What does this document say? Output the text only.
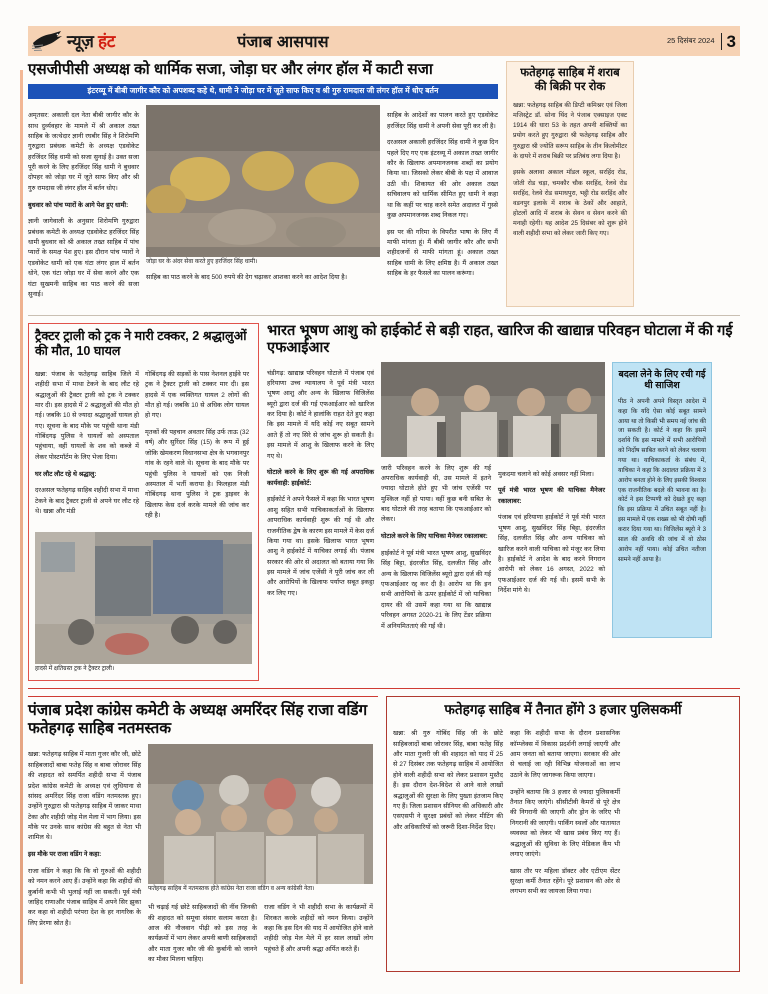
न्यूज़ हंट	पंजाब आसपास	25 दिसंबर 2024 3
एसजीपीसी अध्यक्ष को धार्मिक सजा, जोड़ा घर और लंगर हॉल में काटी सजा
इंटरव्यू में बीबी जागीर कौर को अपशब्द कहे थे, धामी ने जोड़ा घर में जूते साफ किए व श्री गुरु रामदास जी लंगर हॉल में धोए बर्तन

अमृतसर: अकाली दल नेता बीबी जागीर कौर के साथ दुर्व्यवहार के मामले में श्री अकाल तख्त साहिब के जत्थेदार ज्ञानी रघबीर सिंह ने शिरोमणि गुरुद्वारा प्रबंधक कमेटी के अध्यक्ष एडवोकेट हरजिंदर सिंह धामी को सजा सुनाई है। उक्त सजा पूरी करने के लिए हरजिंदर सिंह धामी ने बुधवार दोपहर को जोड़ा घर में जूते साफ किए और श्री गुरु रामदास जी लंगर हॉल में बर्तन धोए।

बुधवार को पांच प्यारों के आगे पेश हुए धामी:

ज्ञानी जागेवाली के अनुसार शिरोमणि गुरुद्वारा प्रबंधक कमेटी के अध्यक्ष एडवोकेट हरजिंदर सिंह धामी बुधवार को श्री अकाल तख्त साहिब में पांच प्यारों के समक्ष पेश हुए। इस दौरान पांच प्यारों ने एडवोकेट धामी को एक घंटा लंगर हाल में बर्तन धोने, एक घंटा जोड़ा घर में सेवा करने और एक घंटा सुखमनी साहिब का पाठ करने की सजा सुनाई।

जोड़ा घर के अंदर सेवा करते हुए हरजिंदर सिंह धामी।

साहिब का पाठ करने के बाद 500 रुपये की देग चढ़ाकर आशका करने का आदेश दिया है।

साहिब के आदेशों का पालन करते हुए एडवोकेट हरजिंदर सिंह धामी ने अपनी सेवा पूरी कर ली है।

दरअसल अकाली हरजिंदर सिंह धामी ने कुछ दिन पहले दिए गए एक इंटरव्यू में अकाल तख्त जागीर कौर के खिलाफ अपमानजनक शब्दों का प्रयोग किया था। जिसको लेकर बीबी के पक्ष में आवाज उठी थी। शिकायत की ओर अकाल तख्त सचिवालय को धार्मिक सीमित हुए धामी ने कहा था कि कहीं पर चाह करने समेत अदालत में गुस्से कुछ अपमानजनक शब्द निकल गए।

इस पर की गरिमा के विपरीत भाषा के लिए मैं माफी मांगता हूं। मैं बीबी जागीर कौर और सभी शहीदजनों से माफी मांगता हूं। अकाल तख्त साहिब धामी के लिए क्षमिष्ठ है। मैं अकाल तख्त साहिब के हर फैसले का पालन करूंगा।

फतेहगढ़ साहिब में शराब की बिक्री पर रोक

खन्ना: फतेहगढ़ साहिब की डिप्टी कमिश्नर एवं जिला मजिस्ट्रेट डॉ. सोना थिंद ने पंजाब एक्साइज एक्ट 1914 की धारा 53 के तहत अपनी शक्तियों का प्रयोग करते हुए गुरुद्वारा श्री फतेहगढ़ साहिब और गुरुद्वारा श्री ज्योति सरूप साहिब के तीन किलोमीटर के दायरे में शराब बिक्री पर प्रतिबंध लगा दिया है।

इसके अलावा अकाल मॉडल स्कूल, सरहिंद रोड, जोती रोड चड़ा, चमकौर चौक सरहिंद, रेलवे रोड सरहिंद, रेलवे रोड समाधपुरा, भट्ठी रोड सरहिंद और वडनपुर इलाके में शराब के ठेकों और आहाते, होटलों आदि में शराब के सेवन व सेवन करने की मनाही रहेगी। यह आदेश 25 दिसंबर को शुरू होने वाली शहीदी सभा को लेकर जारी किए गए।

ट्रैक्टर ट्राली को ट्रक ने मारी टक्कर, 2 श्रद्धालुओं की मौत, 10 घायल

खन्ना: पंजाब के फतेहगढ़ साहिब जिले में शहीदी सभा में माथा टेकने के बाद लौट रहे श्रद्धालुओं की ट्रैक्टर ट्राली को ट्रक ने टक्कर मार दी। इस हादसे में 2 श्रद्धालुओं की मौत हो गई। जबकि 10 से ज्यादा श्रद्धालुओं घायल हो गए। सूचना के बाद मौके पर पहुंची थाना मंडी गोबिंदगढ़ पुलिस ने घायलों को अस्पताल पहुंचाया, वहीं घायलों के शव को कब्जे में लेकर पोस्टमॉर्टम के लिए भेजा दिया।

घर लौट लौट रहे थे श्रद्धालु:

दरअसल फतेहगढ़ साहिब शहीदी सभा में माथा टेकने के बाद ट्रैक्टर ट्राली से अपने घर लौट रहे थे। खन्ना और मंडी

गोबिंदगढ़ की सड़कों के पास नेशनल हाईवे पर ट्रक ने ट्रैक्टर ट्राली को टक्कर मार दी। इस हादसे में एक व्यक्तिगत घायल 2 लोगों की मौत हो गई। जबकि 10 से अधिक लोग घायल हो गए।

मृतकों की पहचान अवतार सिंह उर्फ ताऊ (32 वर्ष) और सुरिंदर सिंह (15) के रूप में हुई जोकि खेमकरण विधानसभा क्षेत्र के भगवानपुर गांव के रहने वाले थे। सूचना के बाद मौके पर पहुंची पुलिस ने घायलों को एक निजी अस्पताल में भर्ती कराया है। फिलहाल मंडी गोबिंदगढ़ थाना पुलिस ने ट्रक ड्राइवर के खिलाफ केस दर्ज करके मामले की जांच कर रही है।

हादसे में क्षतिग्रस्त ट्रक ने ट्रैक्टर ट्राली।
भारत भूषण आशु को हाईकोर्ट से बड़ी राहत, खारिज की खाद्यान्न परिवहन घोटाला में की गई एफआईआर

चंडीगढ़: खाद्यान्न परिवहन घोटाले में पंजाब एवं हरियाणा उच्च न्यायालय ने पूर्व मंत्री भारत भूषण आशु और अन्य के खिलाफ विजिलेंस ब्यूरो द्वारा दर्ज की गई एफआईआर को खारिज कर दिया है। कोर्ट ने हालांकि राहत देते हुए कहा कि इस मामले में यदि कोई नए सबूत सामने आते हैं तो नए सिरे से जांच शुरू हो सकती है। इस मामले में आशु के खिलाफ करने के लिए गए थे।

घोटाले करने के लिए शुरू की गई अपराधिक कार्यवाही: हाईकोर्ट:

हाईकोर्ट ने अपने फैसले में कहा कि भारत भूषण आशु सहित सभी याचिकाकर्ताओं के खिलाफ आपराधिक कार्यवाही शुरू की गई थी और राजनीतिक द्वेष के कारण इस मामले में केस दर्ज किया गया था। इसके खिलाफ भारत भूषण आशु ने हाईकोर्ट में याचिका लगाई थी। पंजाब सरकार की ओर से अदालत को बताया गया कि इस मामले में जांच एजेंसी ने पूरी जांच कर ली और आरोपियों के खिलाफ पर्याप्त सबूत इकट्ठा कर लिए गए।

जारी परिवहन करने के लिए शुरू की गई अपराधिक कार्यवाही थी, उस मामले में इतने ज्यादा घोटाले होते हुए भी जांच एजेंसी पर मुश्किल नहीं हो पाया। वहीं कुछ बनी सबित के बाद घोटाले की तरह बताया कि एफआईआर को लेकर।

घोटाले करने के लिए याचिका मैनेजर रकालाबर:

हाईकोर्ट ने पूर्व मंत्री भारत भूषण आशु, सुखविंदर सिंह बिट्टा, इंदरजीत सिंह, दलजीत सिंह और अन्य के खिलाफ विजिलेंस ब्यूरो द्वारा दर्ज की गई एफआईआर रद्द कर दी है। आरोप था कि इन सभी आरोपियों के ऊपर हाईकोर्ट में जो याचिका दायर की थी उसमें कहा गया था कि खाद्यान्न परिवहन अगस्त 2020-21 के लिए टेंडर प्रक्रिया में अनियमितताएं की गईं थी।

मुकदमा चलाने को कोई अवसर नहीं मिला।

पूर्व मंत्री भारत भूषण की याचिका मैनेजर रकालाबर:

पंजाब एवं हरियाणा हाईकोर्ट ने पूर्व मंत्री भारत भूषण आशु, सुखविंदर सिंह बिट्टा, इंदरजीत सिंह, दलजीत सिंह और अन्य याचिका को खारिज करने वाली याचिका को मंजूर कर लिया है। हाईकोर्ट ने आदेश के बाद करने निगरान आरोपी को लेकर 16 अगस्त, 2022 को एफआईआर दर्ज की गई थी। इसमें सभी के निर्देश मांगे थे।

बदला लेने के लिए रची गई थी साजिश

पीठ ने अपनी अपने विस्तृत आदेश में कहा कि यदि ऐसा कोई सबूत सामने आया था तो किसी भी समय नई जांच की जा सकती है। कोर्ट ने कहा कि इसमें दर्शाये कि इस मामले में सभी आरोपियों को निर्दोष साबित करने को लेकर चलाया गया था। याचिकाकर्ता के संबंध में, याचिका ने कहा कि अदालत प्रक्रिया में 3 आरोप बनता होने के लिए इसकी विश्वास एक राजनीतिक बदले की भावना का है। कोर्ट ने इस टिप्पणी को देखते हुए कहा कि इस प्रक्रिया में उचित सबूत नहीं है। इस मामले में एक शख्स को भी दोषी नहीं करार दिया गया था। विजिलेंस ब्यूरो ने 3 साल की अवधि की जांच में वो ठोस आरोप नहीं पाया। कोई उचित नतीजा सामने नहीं आया है।

पंजाब प्रदेश कांग्रेस कमेटी के अध्यक्ष अमरिंदर सिंह राजा वडिंग फतेहगढ़ साहिब नतमस्तक

खन्ना: फतेहगढ़ साहिब में माता गुजर कौर जी, छोटे साहिबजादों बाबा फतेह सिंह व बाबा जोरावर सिंह की शहादत को समर्पित शहीदी सभा में पंजाब प्रदेश कांग्रेस कमेटी के अध्यक्ष एवं लुधियाना से सांसद अमरिंदर सिंह राजा वडिंग नतमस्तक हुए। उन्होंने गुरुद्वारा श्री फतेहगढ़ साहिब में जाकर माथा टेका और शहीदी जोड़ मेल मेला में भाग लिया। इस मौके पर उनके साथ कांग्रेस की बहुत से नेता भी शामिल थे।

इस मौके पर राजा वडिंग ने कहा:

राजा वडिंग ने कहा कि कि वो गुरुओं की शहीदी को नमन करने आए हैं। उन्होंने कहा कि शहीदों की कुर्बानी कभी भी भुलाई नहीं जा सकती। पूर्व मंत्री जाहिद राणाऔर पंजाब साहिब में अपने सिर झुका कर कहा वो शहीदी परंपरा देश के हर नागरिक के लिए प्रेरणा स्रोत है।

फतेहगढ़ साहिब में नतमस्तक होते कांग्रेस नेता राजा वडिंग व अन्य कांग्रेसी नेता।

भी चढ़ाई गई छोटे साहिबजादों की नींव जिनकी की शहादत को समूचा संसार सलाम करता है। आज की नौजवान पीढ़ी को इस तरह के कार्यक्रमों में भाग लेकर अपनी बाणी साहिबजादों और माता गुजर कौर जी की कुर्बानी को जानने का मौका मिलना चाहिए।

राजा वडिंग ने भी शहीदी सभा के कार्यक्रमों में शिरकत करके शहीदों को नमन किया। उन्होंने कहा कि इस दिन की याद में आयोजित होने वाले शहीदी जोड़ मेल मेले में हर साल लाखों लोग पहुंचते हैं और अपनी श्रद्धा अर्पित करते हैं।

फतेहगढ़ साहिब में तैनात होंगे 3 हजार पुलिसकर्मी

खन्ना: श्री गुरु गोबिंद सिंह जी के छोटे साहिबजादों बाबा जोरावर सिंह, बाबा फतेह सिंह और माता गुजरी जी की शहादत को याद में 25 से 27 दिसंबर तक फतेहगढ़ साहिब में आयोजित होने वाली शहीदी सभा को लेकर प्रशासन मुस्तैद हैं। इस दौरान देश-विदेश से आने वाले लाखों श्रद्धालुओं की सुरक्षा के लिए पुख्ता इंतजाम किए गए हैं। जिला प्रशासन सीनियर की अधिकारी और एसएसपी ने सुरक्षा प्रबंधों को लेकर मीटिंग की और अधिकारियों को जरूरी दिशा-निर्देश दिए।

कहा कि शहीदी सभा के दौरान प्रशासनिक कॉम्प्लेक्स में विकास प्रदर्शनी लगाई जाएगी और आम जनता को बताया जाएगा। सरकार की ओर से चलाई जा रही विभिन्न योजनाओं का लाभ उठाने के लिए जागरूक किया जाएगा।

उन्होंने बताया कि 3 हजार से ज्यादा पुलिसकर्मी तैनात किए जाएंगे। सीसीटीवी कैमरों से पूरे क्षेत्र की निगरानी की जाएगी और ड्रोन के जरिए भी निगरानी की जाएगी। पार्किंग स्थलों और यातायात व्यवस्था को लेकर भी खास प्रबंध किए गए हैं। श्रद्धालुओं की सुविधा के लिए मेडिकल कैंप भी लगाए जाएंगे।

खास तौर पर महिला डॉक्टर और एटीएम सेंटर सुरक्षा कर्मी तैनात रहेंगे। पूरे प्रशासन की ओर से लगभग सभी का जायजा लिया गया।
